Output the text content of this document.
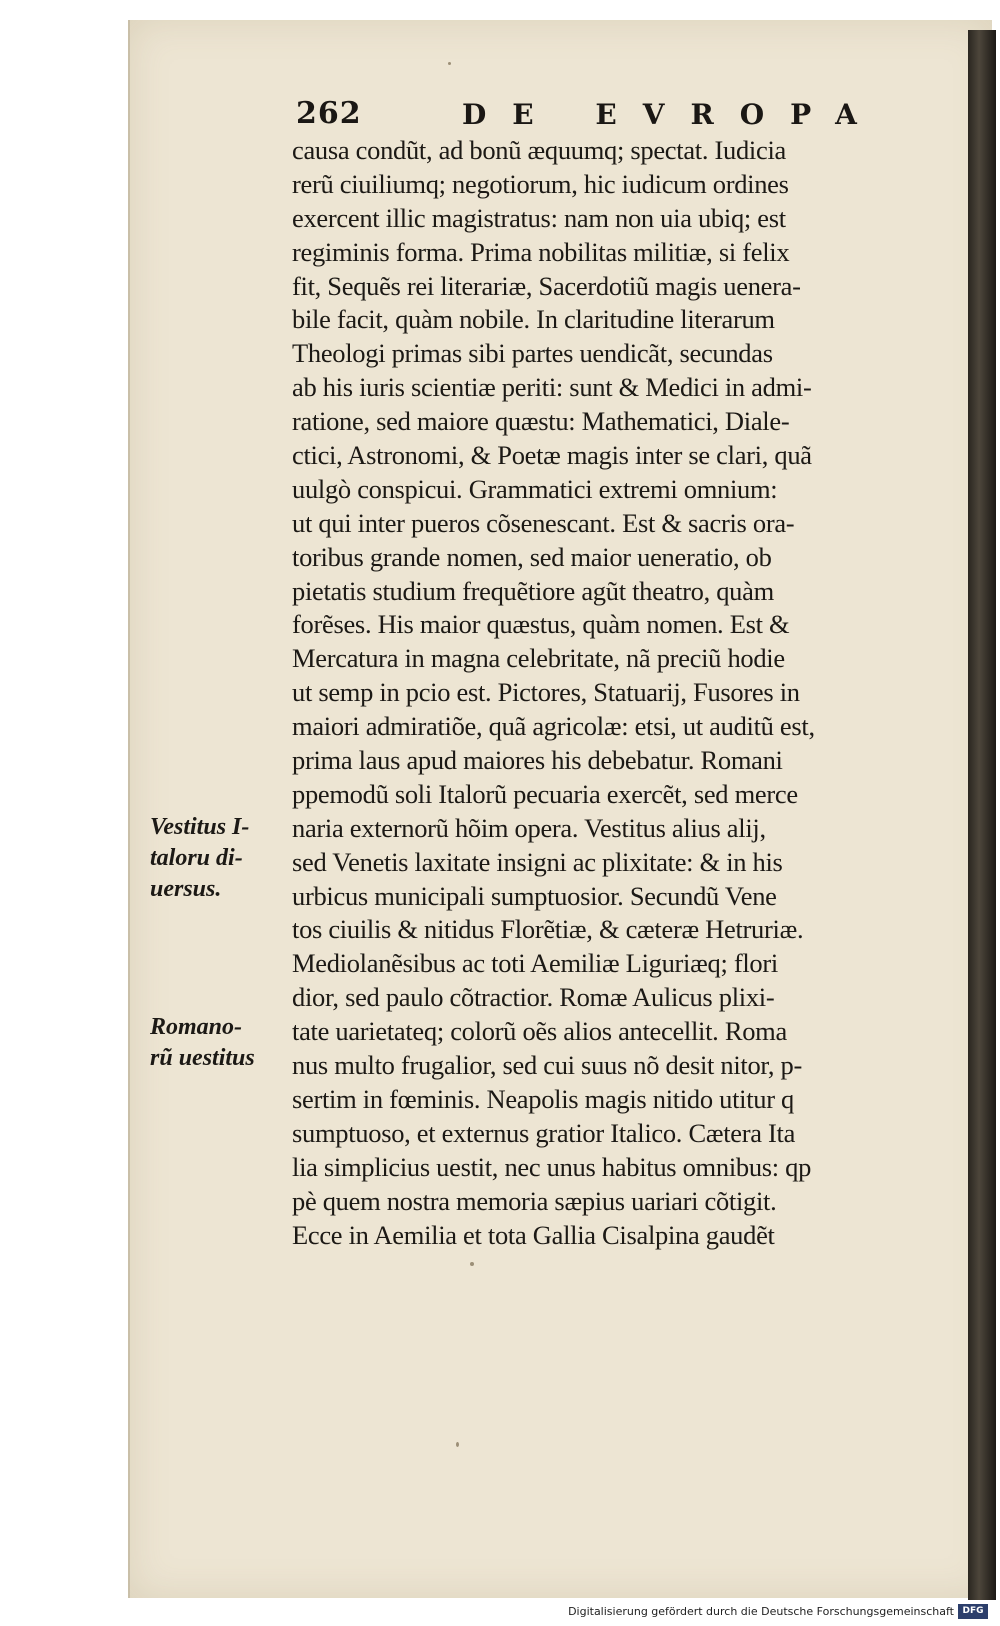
262	DE EVROPA
causa condũt, ad bonũ æquumq; spectat. Iudicia
rerũ ciuiliumq; negotiorum, hic iudicum ordines
exercent illic magistratus: nam non uia ubiq; est
regiminis forma. Prima nobilitas militiæ, si felix
fit, Sequẽs rei literariæ, Sacerdotiũ magis uenera-
bile facit, quàm nobile. In claritudine literarum
Theologi primas sibi partes uendicãt, secundas
ab his iuris scientiæ periti: sunt & Medici in admi-
ratione, sed maiore quæstu: Mathematici, Diale-
ctici, Astronomi, & Poetæ magis inter se clari, quã
uulgò conspicui. Grammatici extremi omnium:
ut qui inter pueros cõsenescant. Est & sacris ora-
toribus grande nomen, sed maior ueneratio, ob
pietatis studium frequẽtiore agũt theatro, quàm
forẽses. His maior quæstus, quàm nomen. Est &
Mercatura in magna celebritate, nã preciũ hodie
ut semp in pcio est. Pictores, Statuarij, Fusores in
maiori admiratiõe, quã agricolæ: etsi, ut auditũ est,
prima laus apud maiores his debebatur. Romani
ppemodũ soli Italorũ pecuaria exercẽt, sed merce
naria externorũ hõim opera. Vestitus alius alij,
sed Venetis laxitate insigni ac plixitate: & in his
urbicus municipali sumptuosior. Secundũ Vene
tos ciuilis & nitidus Florẽtiæ, & cæteræ Hetruriæ.
Mediolanẽsibus ac toti Aemiliæ Liguriæq; flori
dior, sed paulo cõtractior. Romæ Aulicus plixi-
tate uarietateq; colorũ oẽs alios antecellit. Roma
nus multo frugalior, sed cui suus nõ desit nitor, p-
sertim in fœminis. Neapolis magis nitido utitur q
sumptuoso, et externus gratior Italico. Cætera Ita
lia simplicius uestit, nec unus habitus omnibus: qp
pè quem nostra memoria sæpius uariari cõtigit.
Ecce in Aemilia et tota Gallia Cisalpina gaudẽt
Vestitus I-
taloru di-
uersus.
Romano-
rũ uestitus
Digitalisierung gefördert durch die Deutsche Forschungsgemeinschaft DFG
